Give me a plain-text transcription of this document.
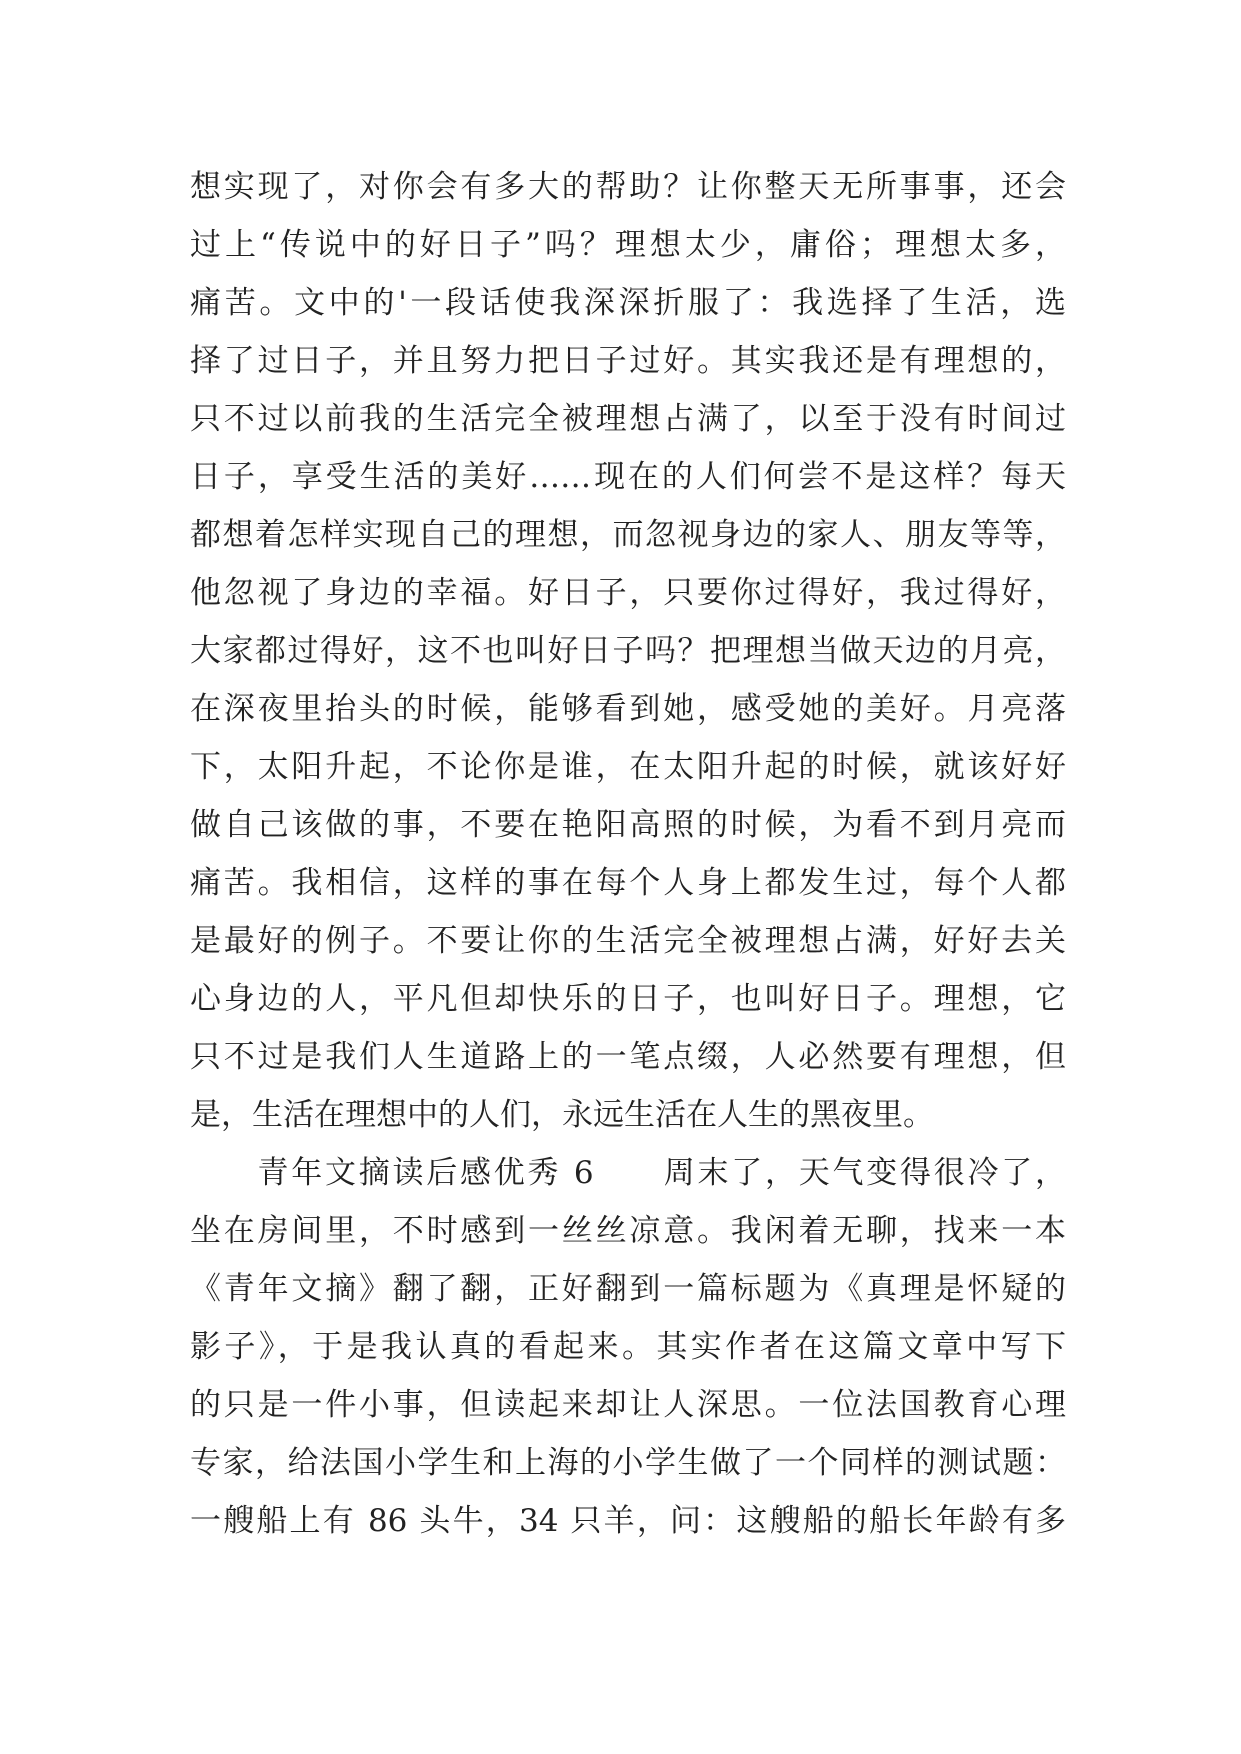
想实现了，对你会有多大的帮助？让你整天无所事事，还会
过上“传说中的好日子”吗？理想太少，庸俗；理想太多，
痛苦。文中的'一段话使我深深折服了：我选择了生活，选
择了过日子，并且努力把日子过好。其实我还是有理想的，
只不过以前我的生活完全被理想占满了，以至于没有时间过
日子，享受生活的美好……现在的人们何尝不是这样？每天
都想着怎样实现自己的理想，而忽视身边的家人、朋友等等，
他忽视了身边的幸福。好日子，只要你过得好，我过得好，
大家都过得好，这不也叫好日子吗？把理想当做天边的月亮，
在深夜里抬头的时候，能够看到她，感受她的美好。月亮落
下，太阳升起，不论你是谁，在太阳升起的时候，就该好好
做自己该做的事，不要在艳阳高照的时候，为看不到月亮而
痛苦。我相信，这样的事在每个人身上都发生过，每个人都
是最好的例子。不要让你的生活完全被理想占满，好好去关
心身边的人，平凡但却快乐的日子，也叫好日子。理想，它
只不过是我们人生道路上的一笔点缀，人必然要有理想，但
是，生活在理想中的人们，永远生活在人生的黑夜里。
　　青年文摘读后感优秀 6　　周末了，天气变得很冷了，
坐在房间里，不时感到一丝丝凉意。我闲着无聊，找来一本
《青年文摘》翻了翻，正好翻到一篇标题为《真理是怀疑的
影子》，于是我认真的看起来。其实作者在这篇文章中写下
的只是一件小事，但读起来却让人深思。一位法国教育心理
专家，给法国小学生和上海的小学生做了一个同样的测试题：
一艘船上有 86 头牛，34 只羊，问：这艘船的船长年龄有多
